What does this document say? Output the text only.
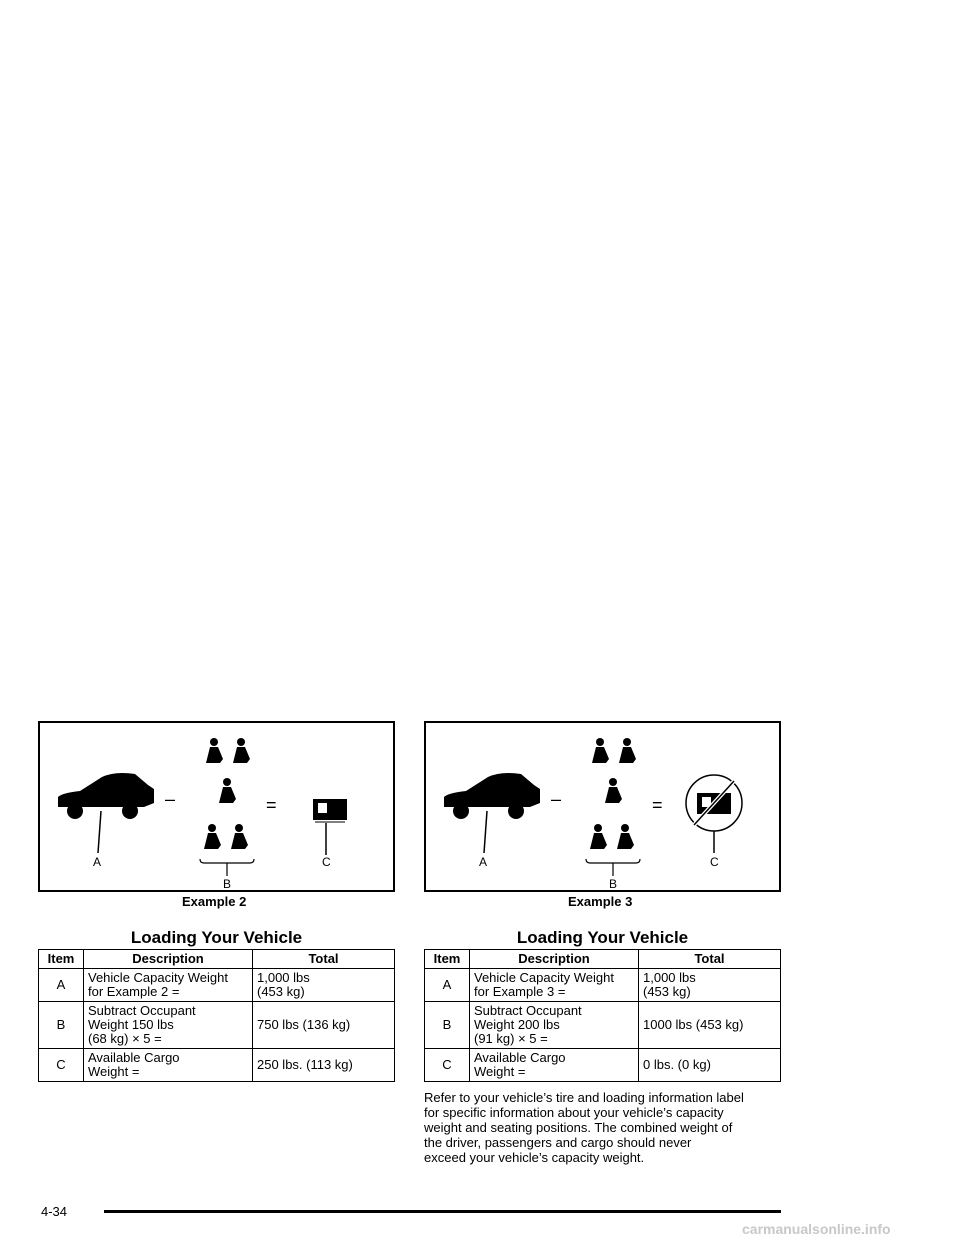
A
–
B
=
C
Example 2
Loading Your Vehicle
Item	Description	Total
A	Vehicle Capacity Weight
for Example 2 =	1,000 lbs
(453 kg)
B	Subtract Occupant
Weight 150 lbs
(68 kg) × 5 =	750 lbs (136 kg)
C	Available Cargo
Weight =	250 lbs. (113 kg)
A
–
B
=
C
Example 3
Loading Your Vehicle
Item	Description	Total
A	Vehicle Capacity Weight
for Example 3 =	1,000 lbs
(453 kg)
B	Subtract Occupant
Weight 200 lbs
(91 kg) × 5 =	1000 lbs (453 kg)
C	Available Cargo
Weight =	0 lbs. (0 kg)
Refer to your vehicle’s tire and loading information label
for specific information about your vehicle’s capacity
weight and seating positions. The combined weight of
the driver, passengers and cargo should never
exceed your vehicle’s capacity weight.
4-34
carmanualsonline.info
